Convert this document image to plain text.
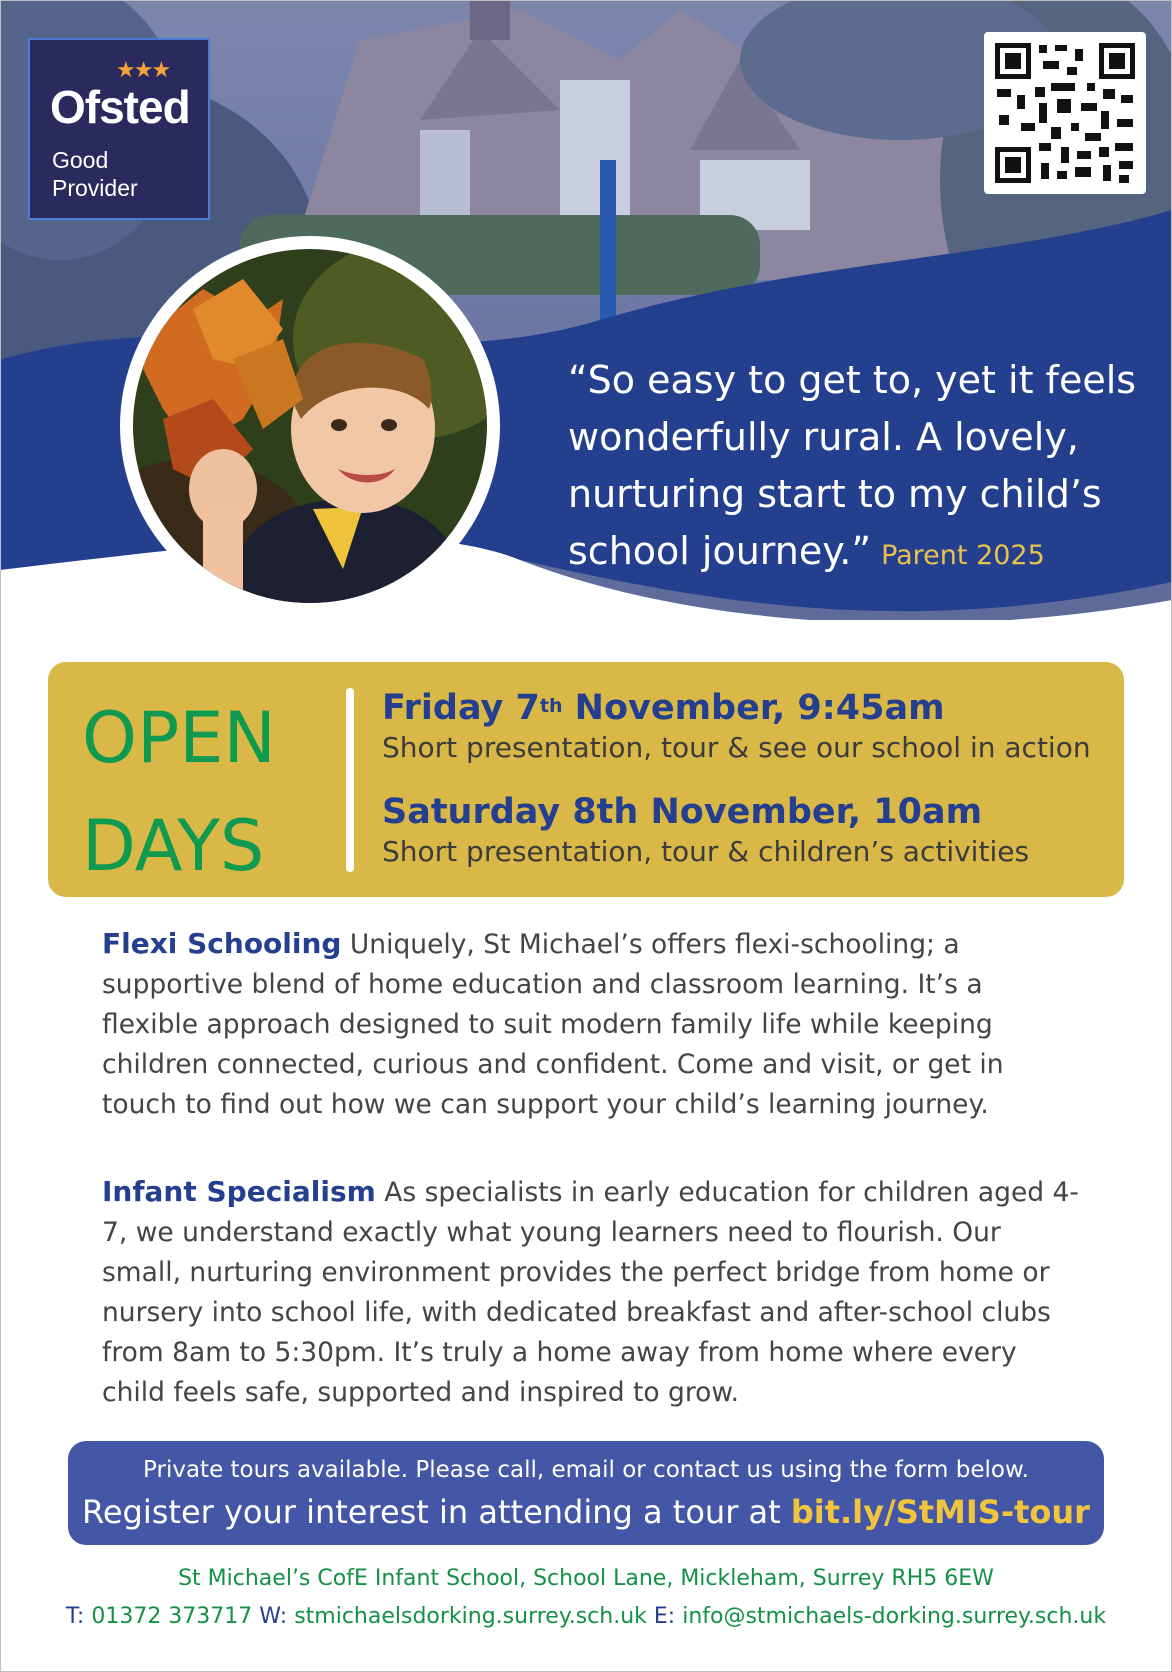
★★★
Ofsted
Good
Provider
“So easy to get to, yet it feels wonderfully rural. A lovely, nurturing start to my child’s school journey.” Parent 2025
OPEN
DAYS
Friday 7th November, 9:45am
Short presentation, tour & see our school in action
Saturday 8th November, 10am
Short presentation, tour & children’s activities
Flexi Schooling Uniquely, St Michael’s offers flexi-schooling; a supportive blend of home education and classroom learning. It’s a flexible approach designed to suit modern family life while keeping children connected, curious and confident. Come and visit, or get in touch to find out how we can support your child’s learning journey.
Infant Specialism As specialists in early education for children aged 4-7, we understand exactly what young learners need to flourish. Our small, nurturing environment provides the perfect bridge from home or nursery into school life, with dedicated breakfast and after-school clubs from 8am to 5:30pm. It’s truly a home away from home where every child feels safe, supported and inspired to grow.
Private tours available. Please call, email or contact us using the form below.
Register your interest in attending a tour at bit.ly/StMIS-tour
St Michael’s CofE Infant School, School Lane, Mickleham, Surrey RH5 6EW
T: 01372 373717 W: stmichaelsdorking.surrey.sch.uk E: info@stmichaels-dorking.surrey.sch.uk
